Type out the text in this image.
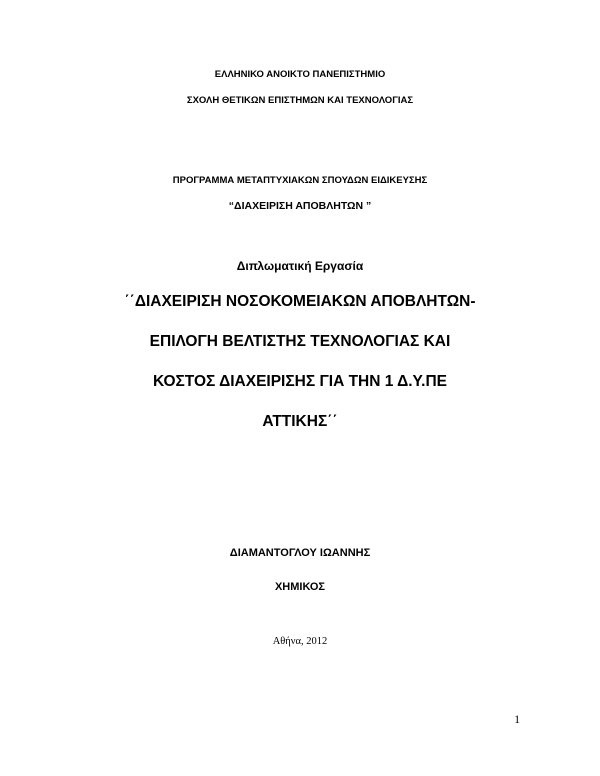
ΕΛΛΗΝΙΚΟ ΑΝΟΙΚΤΟ ΠΑΝΕΠΙΣΤΗΜΙΟ
ΣΧΟΛΗ ΘΕΤΙΚΩΝ ΕΠΙΣΤΗΜΩΝ ΚΑΙ ΤΕΧΝΟΛΟΓΙΑΣ
ΠΡΟΓΡΑΜΜΑ ΜΕΤΑΠΤΥΧΙΑΚΩΝ ΣΠΟΥΔΩΝ ΕΙΔΙΚΕΥΣΗΣ
“ΔΙΑΧΕΙΡΙΣΗ ΑΠΟΒΛΗΤΩΝ ”
Διπλωματική Εργασία
΄΄ΔΙΑΧΕΙΡΙΣΗ ΝΟΣΟΚΟΜΕΙΑΚΩΝ ΑΠΟΒΛΗΤΩΝ-
ΕΠΙΛΟΓΗ ΒΕΛΤΙΣΤΗΣ ΤΕΧΝΟΛΟΓΙΑΣ ΚΑΙ
ΚΟΣΤΟΣ ΔΙΑΧΕΙΡΙΣΗΣ ΓΙΑ ΤΗΝ 1 Δ.Υ.ΠΕ
ΑΤΤΙΚΗΣ΄΄
ΔΙΑΜΑΝΤΟΓΛΟΥ ΙΩΑΝΝΗΣ
ΧΗΜΙΚΟΣ
Αθήνα, 2012
1
